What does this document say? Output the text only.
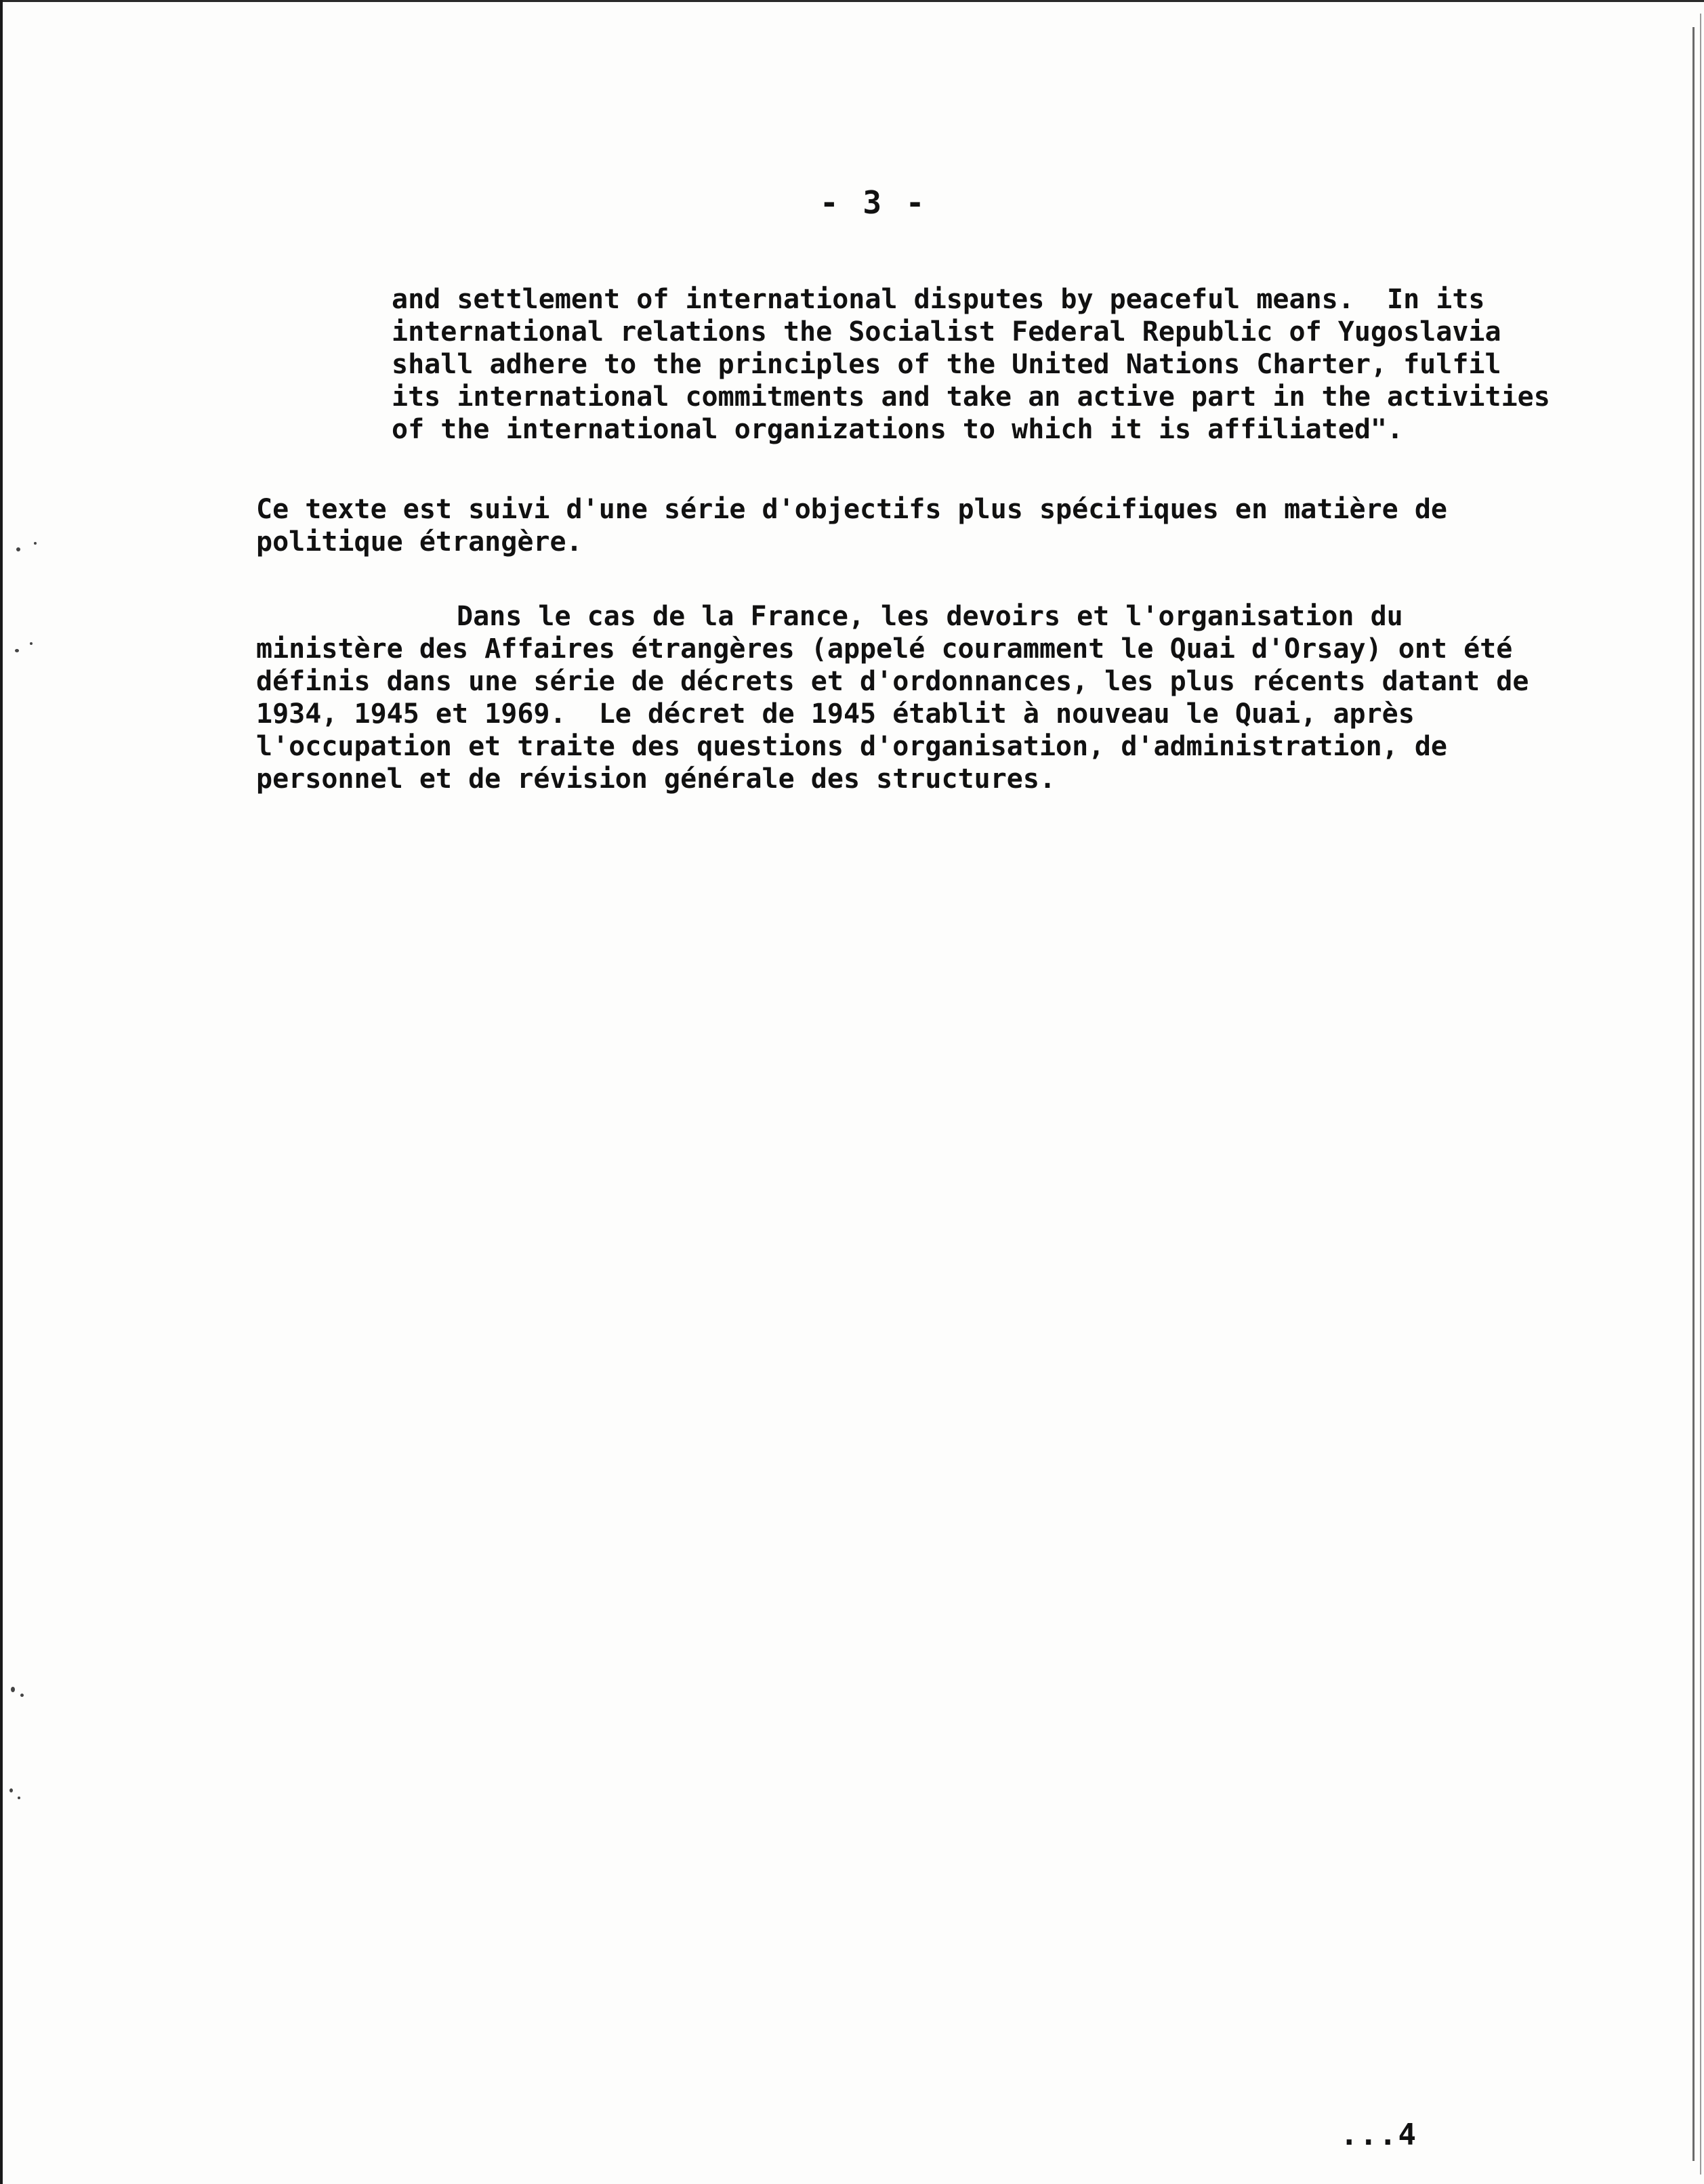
- 3 -

and settlement of international disputes by peaceful means.  In its
international relations the Socialist Federal Republic of Yugoslavia
shall adhere to the principles of the United Nations Charter, fulfil
its international commitments and take an active part in the activities
of the international organizations to which it is affiliated".

Ce texte est suivi d'une série d'objectifs plus spécifiques en matière de
politique étrangère.

Dans le cas de la France, les devoirs et l'organisation du
ministère des Affaires étrangères (appelé couramment le Quai d'Orsay) ont été
définis dans une série de décrets et d'ordonnances, les plus récents datant de
1934, 1945 et 1969.  Le décret de 1945 établit à nouveau le Quai, après
l'occupation et traite des questions d'organisation, d'administration, de
personnel et de révision générale des structures.

...4
